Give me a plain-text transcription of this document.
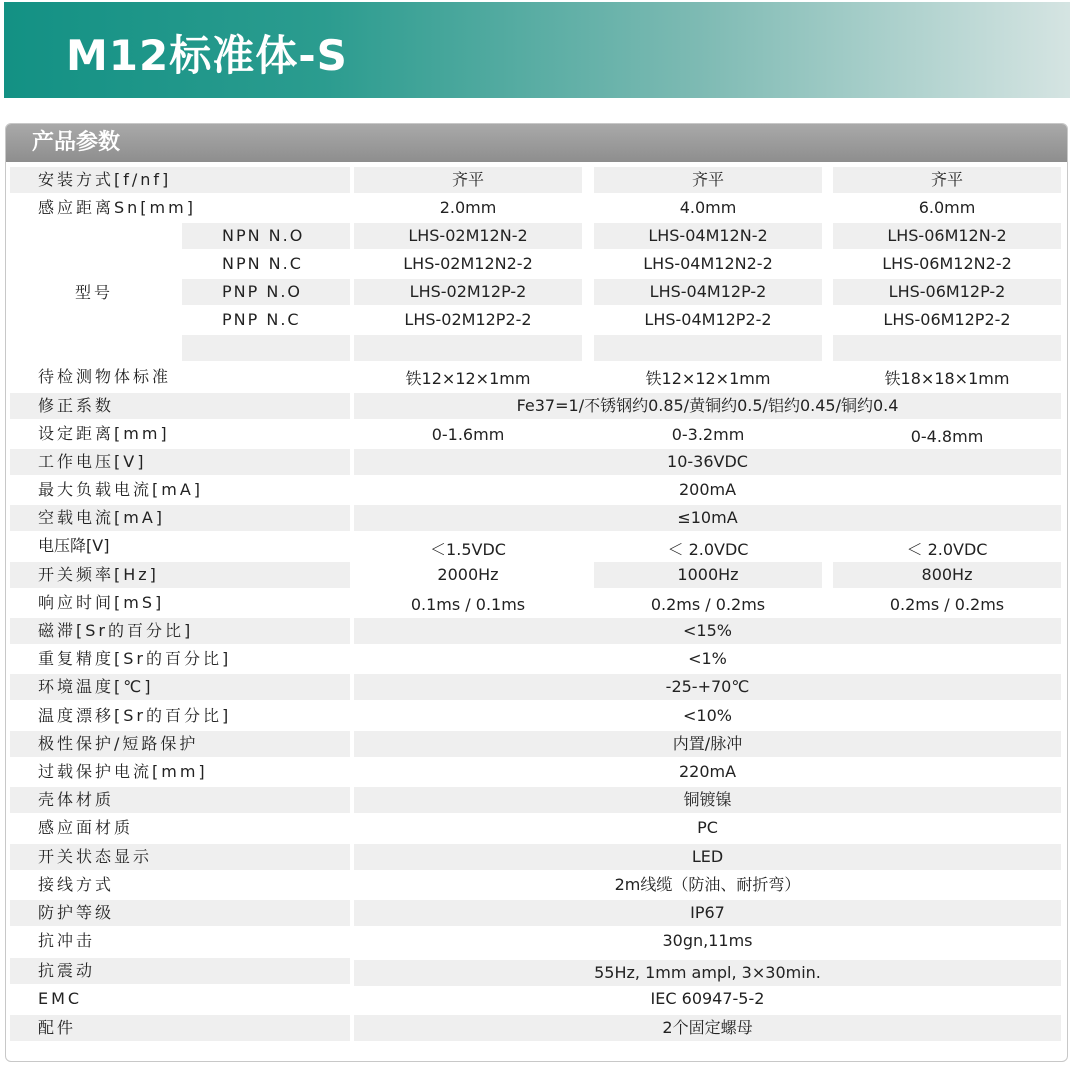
M12标准体-S
产品参数
安装方式[f/nf]	齐平	齐平	齐平
感应距离Sn[mm]	2.0mm	4.0mm	6.0mm
型号
NPN N.O	LHS-02M12N-2	LHS-04M12N-2	LHS-06M12N-2
NPN N.C	LHS-02M12N2-2	LHS-04M12N2-2	LHS-06M12N2-2
PNP N.O	LHS-02M12P-2	LHS-04M12P-2	LHS-06M12P-2
PNP N.C	LHS-02M12P2-2	LHS-04M12P2-2	LHS-06M12P2-2
待检测物体标准	铁12×12×1mm	铁12×12×1mm	铁18×18×1mm
修正系数	Fe37=1/不锈钢约0.85/黄铜约0.5/铝约0.45/铜约0.4
设定距离[mm]	0-1.6mm	0-3.2mm	0-4.8mm
工作电压[V]	10-36VDC
最大负载电流[mA]	200mA
空载电流[mA]	≤10mA
电压降[V]	＜1.5VDC	＜ 2.0VDC	＜ 2.0VDC
开关频率[Hz]	2000Hz	1000Hz	800Hz
响应时间[mS]	0.1ms / 0.1ms	0.2ms / 0.2ms	0.2ms / 0.2ms
磁滞[Sr的百分比]	<15%
重复精度[Sr的百分比]	<1%
环境温度[℃]	-25-+70℃
温度漂移[Sr的百分比]	<10%
极性保护/短路保护	内置/脉冲
过载保护电流[mm]	220mA
壳体材质	铜镀镍
感应面材质	PC
开关状态显示	LED
接线方式	2m线缆（防油、耐折弯）
防护等级	IP67
抗冲击	30gn,11ms
抗震动	55Hz, 1mm ampl, 3×30min.
EMC	IEC 60947-5-2
配件	2个固定螺母
